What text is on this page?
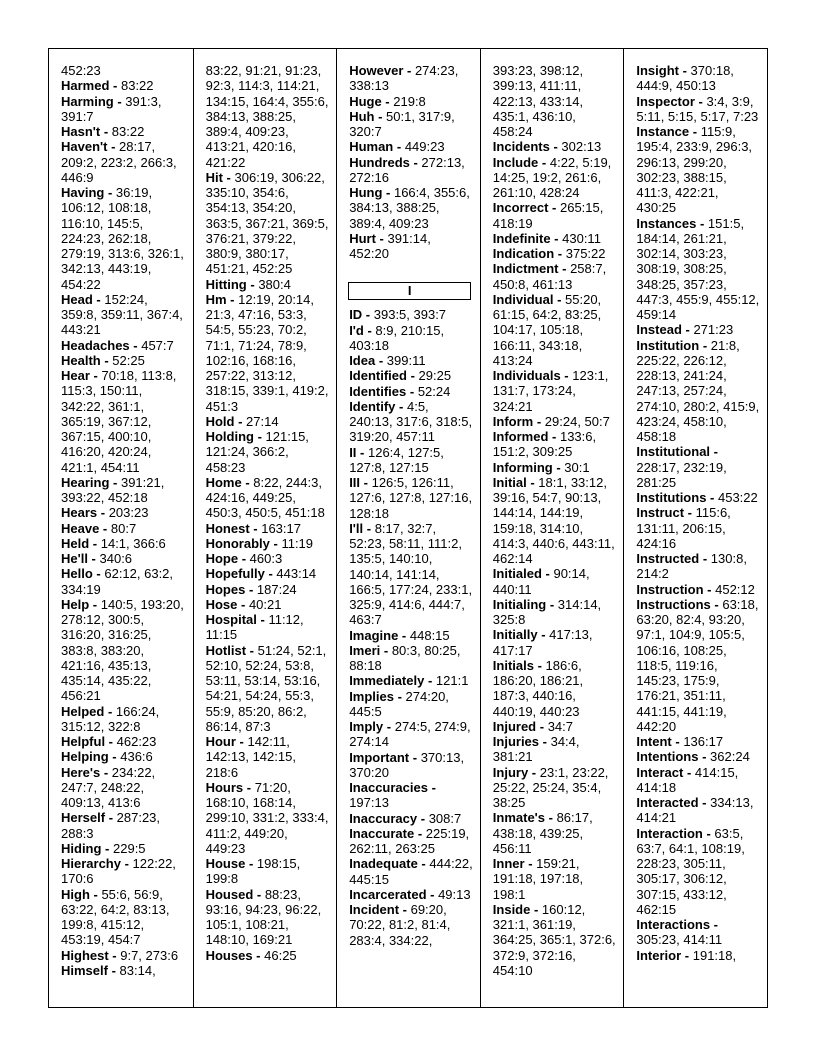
452:23
Harmed - 83:22
Harming - 391:3, 391:7
Hasn't - 83:22
Haven't - 28:17, 209:2, 223:2, 266:3, 446:9
Having - 36:19, 106:12, 108:18, 116:10, 145:5, 224:23, 262:18, 279:19, 313:6, 326:1, 342:13, 443:19, 454:22
Head - 152:24, 359:8, 359:11, 367:4, 443:21
Headaches - 457:7
Health - 52:25
Hear - 70:18, 113:8, 115:3, 150:11, 342:22, 361:1, 365:19, 367:12, 367:15, 400:10, 416:20, 420:24, 421:1, 454:11
Hearing - 391:21, 393:22, 452:18
Hears - 203:23
Heave - 80:7
Held - 14:1, 366:6
He'll - 340:6
Hello - 62:12, 63:2, 334:19
Help - 140:5, 193:20, 278:12, 300:5, 316:20, 316:25, 383:8, 383:20, 421:16, 435:13, 435:14, 435:22, 456:21
Helped - 166:24, 315:12, 322:8
Helpful - 462:23
Helping - 436:6
Here's - 234:22, 247:7, 248:22, 409:13, 413:6
Herself - 287:23, 288:3
Hiding - 229:5
Hierarchy - 122:22, 170:6
High - 55:6, 56:9, 63:22, 64:2, 83:13, 199:8, 415:12, 453:19, 454:7
Highest - 9:7, 273:6
Himself - 83:14,
83:22, 91:21, 91:23, 92:3, 114:3, 114:21, 134:15, 164:4, 355:6, 384:13, 388:25, 389:4, 409:23, 413:21, 420:16, 421:22
Hit - 306:19, 306:22, 335:10, 354:6, 354:13, 354:20, 363:5, 367:21, 369:5, 376:21, 379:22, 380:9, 380:17, 451:21, 452:25
Hitting - 380:4
Hm - 12:19, 20:14, 21:3, 47:16, 53:3, 54:5, 55:23, 70:2, 71:1, 71:24, 78:9, 102:16, 168:16, 257:22, 313:12, 318:15, 339:1, 419:2, 451:3
Hold - 27:14
Holding - 121:15, 121:24, 366:2, 458:23
Home - 8:22, 244:3, 424:16, 449:25, 450:3, 450:5, 451:18
Honest - 163:17
Honorably - 11:19
Hope - 460:3
Hopefully - 443:14
Hopes - 187:24
Hose - 40:21
Hospital - 11:12, 11:15
Hotlist - 51:24, 52:1, 52:10, 52:24, 53:8, 53:11, 53:14, 53:16, 54:21, 54:24, 55:3, 55:9, 85:20, 86:2, 86:14, 87:3
Hour - 142:11, 142:13, 142:15, 218:6
Hours - 71:20, 168:10, 168:14, 299:10, 331:2, 333:4, 411:2, 449:20, 449:23
House - 198:15, 199:8
Housed - 88:23, 93:16, 94:23, 96:22, 105:1, 108:21, 148:10, 169:21
Houses - 46:25
However - 274:23, 338:13
Huge - 219:8
Huh - 50:1, 317:9, 320:7
Human - 449:23
Hundreds - 272:13, 272:16
Hung - 166:4, 355:6, 384:13, 388:25, 389:4, 409:23
Hurt - 391:14, 452:20
I
ID - 393:5, 393:7
I'd - 8:9, 210:15, 403:18
Idea - 399:11
Identified - 29:25
Identifies - 52:24
Identify - 4:5, 240:13, 317:6, 318:5, 319:20, 457:11
II - 126:4, 127:5, 127:8, 127:15
III - 126:5, 126:11, 127:6, 127:8, 127:16, 128:18
I'll - 8:17, 32:7, 52:23, 58:11, 111:2, 135:5, 140:10, 140:14, 141:14, 166:5, 177:24, 233:1, 325:9, 414:6, 444:7, 463:7
Imagine - 448:15
Imeri - 80:3, 80:25, 88:18
Immediately - 121:1
Implies - 274:20, 445:5
Imply - 274:5, 274:9, 274:14
Important - 370:13, 370:20
Inaccuracies - 197:13
Inaccuracy - 308:7
Inaccurate - 225:19, 262:11, 263:25
Inadequate - 444:22, 445:15
Incarcerated - 49:13
Incident - 69:20, 70:22, 81:2, 81:4, 283:4, 334:22,
393:23, 398:12, 399:13, 411:11, 422:13, 433:14, 435:1, 436:10, 458:24
Incidents - 302:13
Include - 4:22, 5:19, 14:25, 19:2, 261:6, 261:10, 428:24
Incorrect - 265:15, 418:19
Indefinite - 430:11
Indication - 375:22
Indictment - 258:7, 450:8, 461:13
Individual - 55:20, 61:15, 64:2, 83:25, 104:17, 105:18, 166:11, 343:18, 413:24
Individuals - 123:1, 131:7, 173:24, 324:21
Inform - 29:24, 50:7
Informed - 133:6, 151:2, 309:25
Informing - 30:1
Initial - 18:1, 33:12, 39:16, 54:7, 90:13, 144:14, 144:19, 159:18, 314:10, 414:3, 440:6, 443:11, 462:14
Initialed - 90:14, 440:11
Initialing - 314:14, 325:8
Initially - 417:13, 417:17
Initials - 186:6, 186:20, 186:21, 187:3, 440:16, 440:19, 440:23
Injured - 34:7
Injuries - 34:4, 381:21
Injury - 23:1, 23:22, 25:22, 25:24, 35:4, 38:25
Inmate's - 86:17, 438:18, 439:25, 456:11
Inner - 159:21, 191:18, 197:18, 198:1
Inside - 160:12, 321:1, 361:19, 364:25, 365:1, 372:6, 372:9, 372:16, 454:10
Insight - 370:18, 444:9, 450:13
Inspector - 3:4, 3:9, 5:11, 5:15, 5:17, 7:23
Instance - 115:9, 195:4, 233:9, 296:3, 296:13, 299:20, 302:23, 388:15, 411:3, 422:21, 430:25
Instances - 151:5, 184:14, 261:21, 302:14, 303:23, 308:19, 308:25, 348:25, 357:23, 447:3, 455:9, 455:12, 459:14
Instead - 271:23
Institution - 21:8, 225:22, 226:12, 228:13, 241:24, 247:13, 257:24, 274:10, 280:2, 415:9, 423:24, 458:10, 458:18
Institutional - 228:17, 232:19, 281:25
Institutions - 453:22
Instruct - 115:6, 131:11, 206:15, 424:16
Instructed - 130:8, 214:2
Instruction - 452:12
Instructions - 63:18, 63:20, 82:4, 93:20, 97:1, 104:9, 105:5, 106:16, 108:25, 118:5, 119:16, 145:23, 175:9, 176:21, 351:11, 441:15, 441:19, 442:20
Intent - 136:17
Intentions - 362:24
Interact - 414:15, 414:18
Interacted - 334:13, 414:21
Interaction - 63:5, 63:7, 64:1, 108:19, 228:23, 305:11, 305:17, 306:12, 307:15, 433:12, 462:15
Interactions - 305:23, 414:11
Interior - 191:18,
